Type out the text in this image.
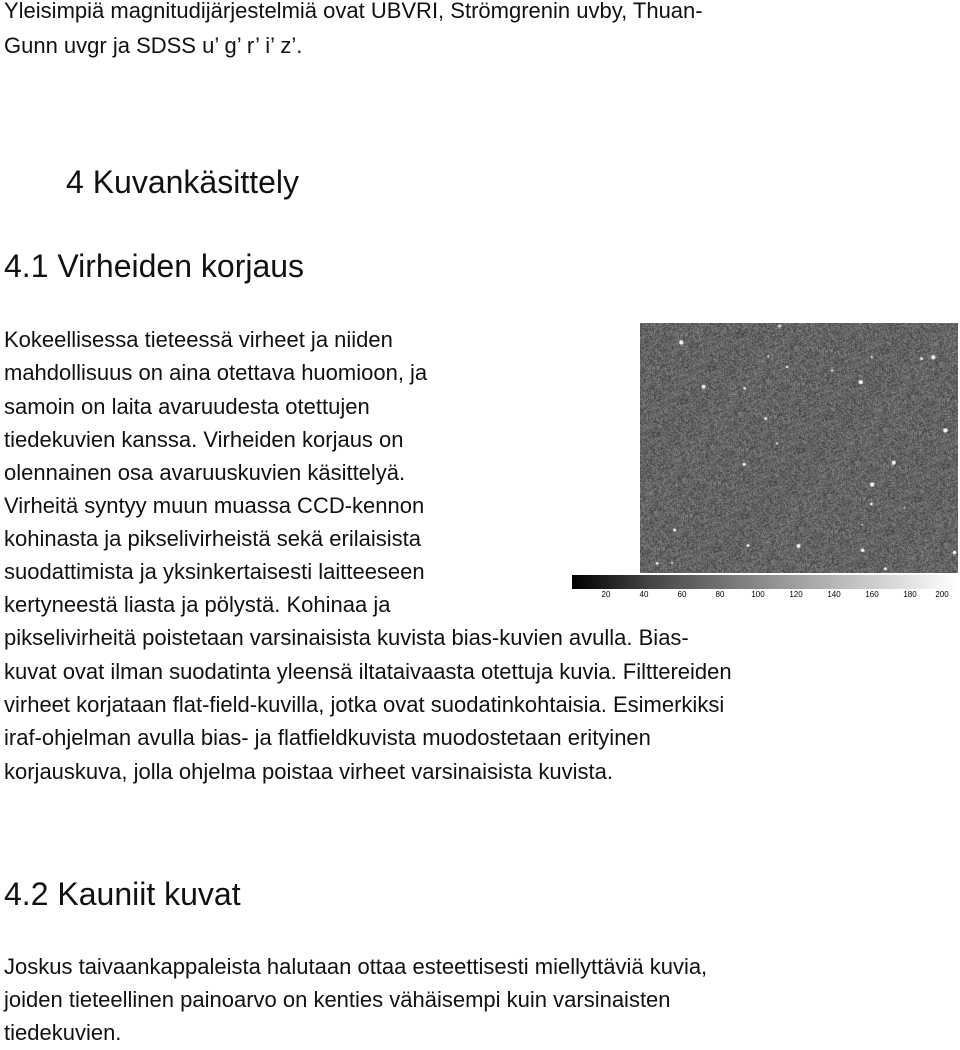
Yleisimpiä magnitudijärjestelmiä ovat UBVRI, Strömgrenin uvby, Thuan-
Gunn uvgr ja SDSS u’ g’ r’ i’ z’.
4 Kuvankäsittely
4.1 Virheiden korjaus
Kokeellisessa tieteessä virheet ja niiden
mahdollisuus on aina otettava huomioon, ja
samoin on laita avaruudesta otettujen
tiedekuvien kanssa. Virheiden korjaus on
olennainen osa avaruuskuvien käsittelyä.
Virheitä syntyy muun muassa CCD-kennon
kohinasta ja pikselivirheistä sekä erilaisista
suodattimista ja yksinkertaisesti laitteeseen
kertyneestä liasta ja pölystä. Kohinaa ja
pikselivirheitä poistetaan varsinaisista kuvista bias-kuvien avulla. Bias-
kuvat ovat ilman suodatinta yleensä iltataivaasta otettuja kuvia. Filttereiden
virheet korjataan flat-field-kuvilla, jotka ovat suodatinkohtaisia. Esimerkiksi
iraf-ohjelman avulla bias- ja flatfieldkuvista muodostetaan erityinen
korjauskuva, jolla ohjelma poistaa virheet varsinaisista kuvista.
4.2 Kauniit kuvat
Joskus taivaankappaleista halutaan ottaa esteettisesti miellyttäviä kuvia,
joiden tieteellinen painoarvo on kenties vähäisempi kuin varsinaisten
tiedekuvien.
20	40	60	80	100	120	140	160	180 200
